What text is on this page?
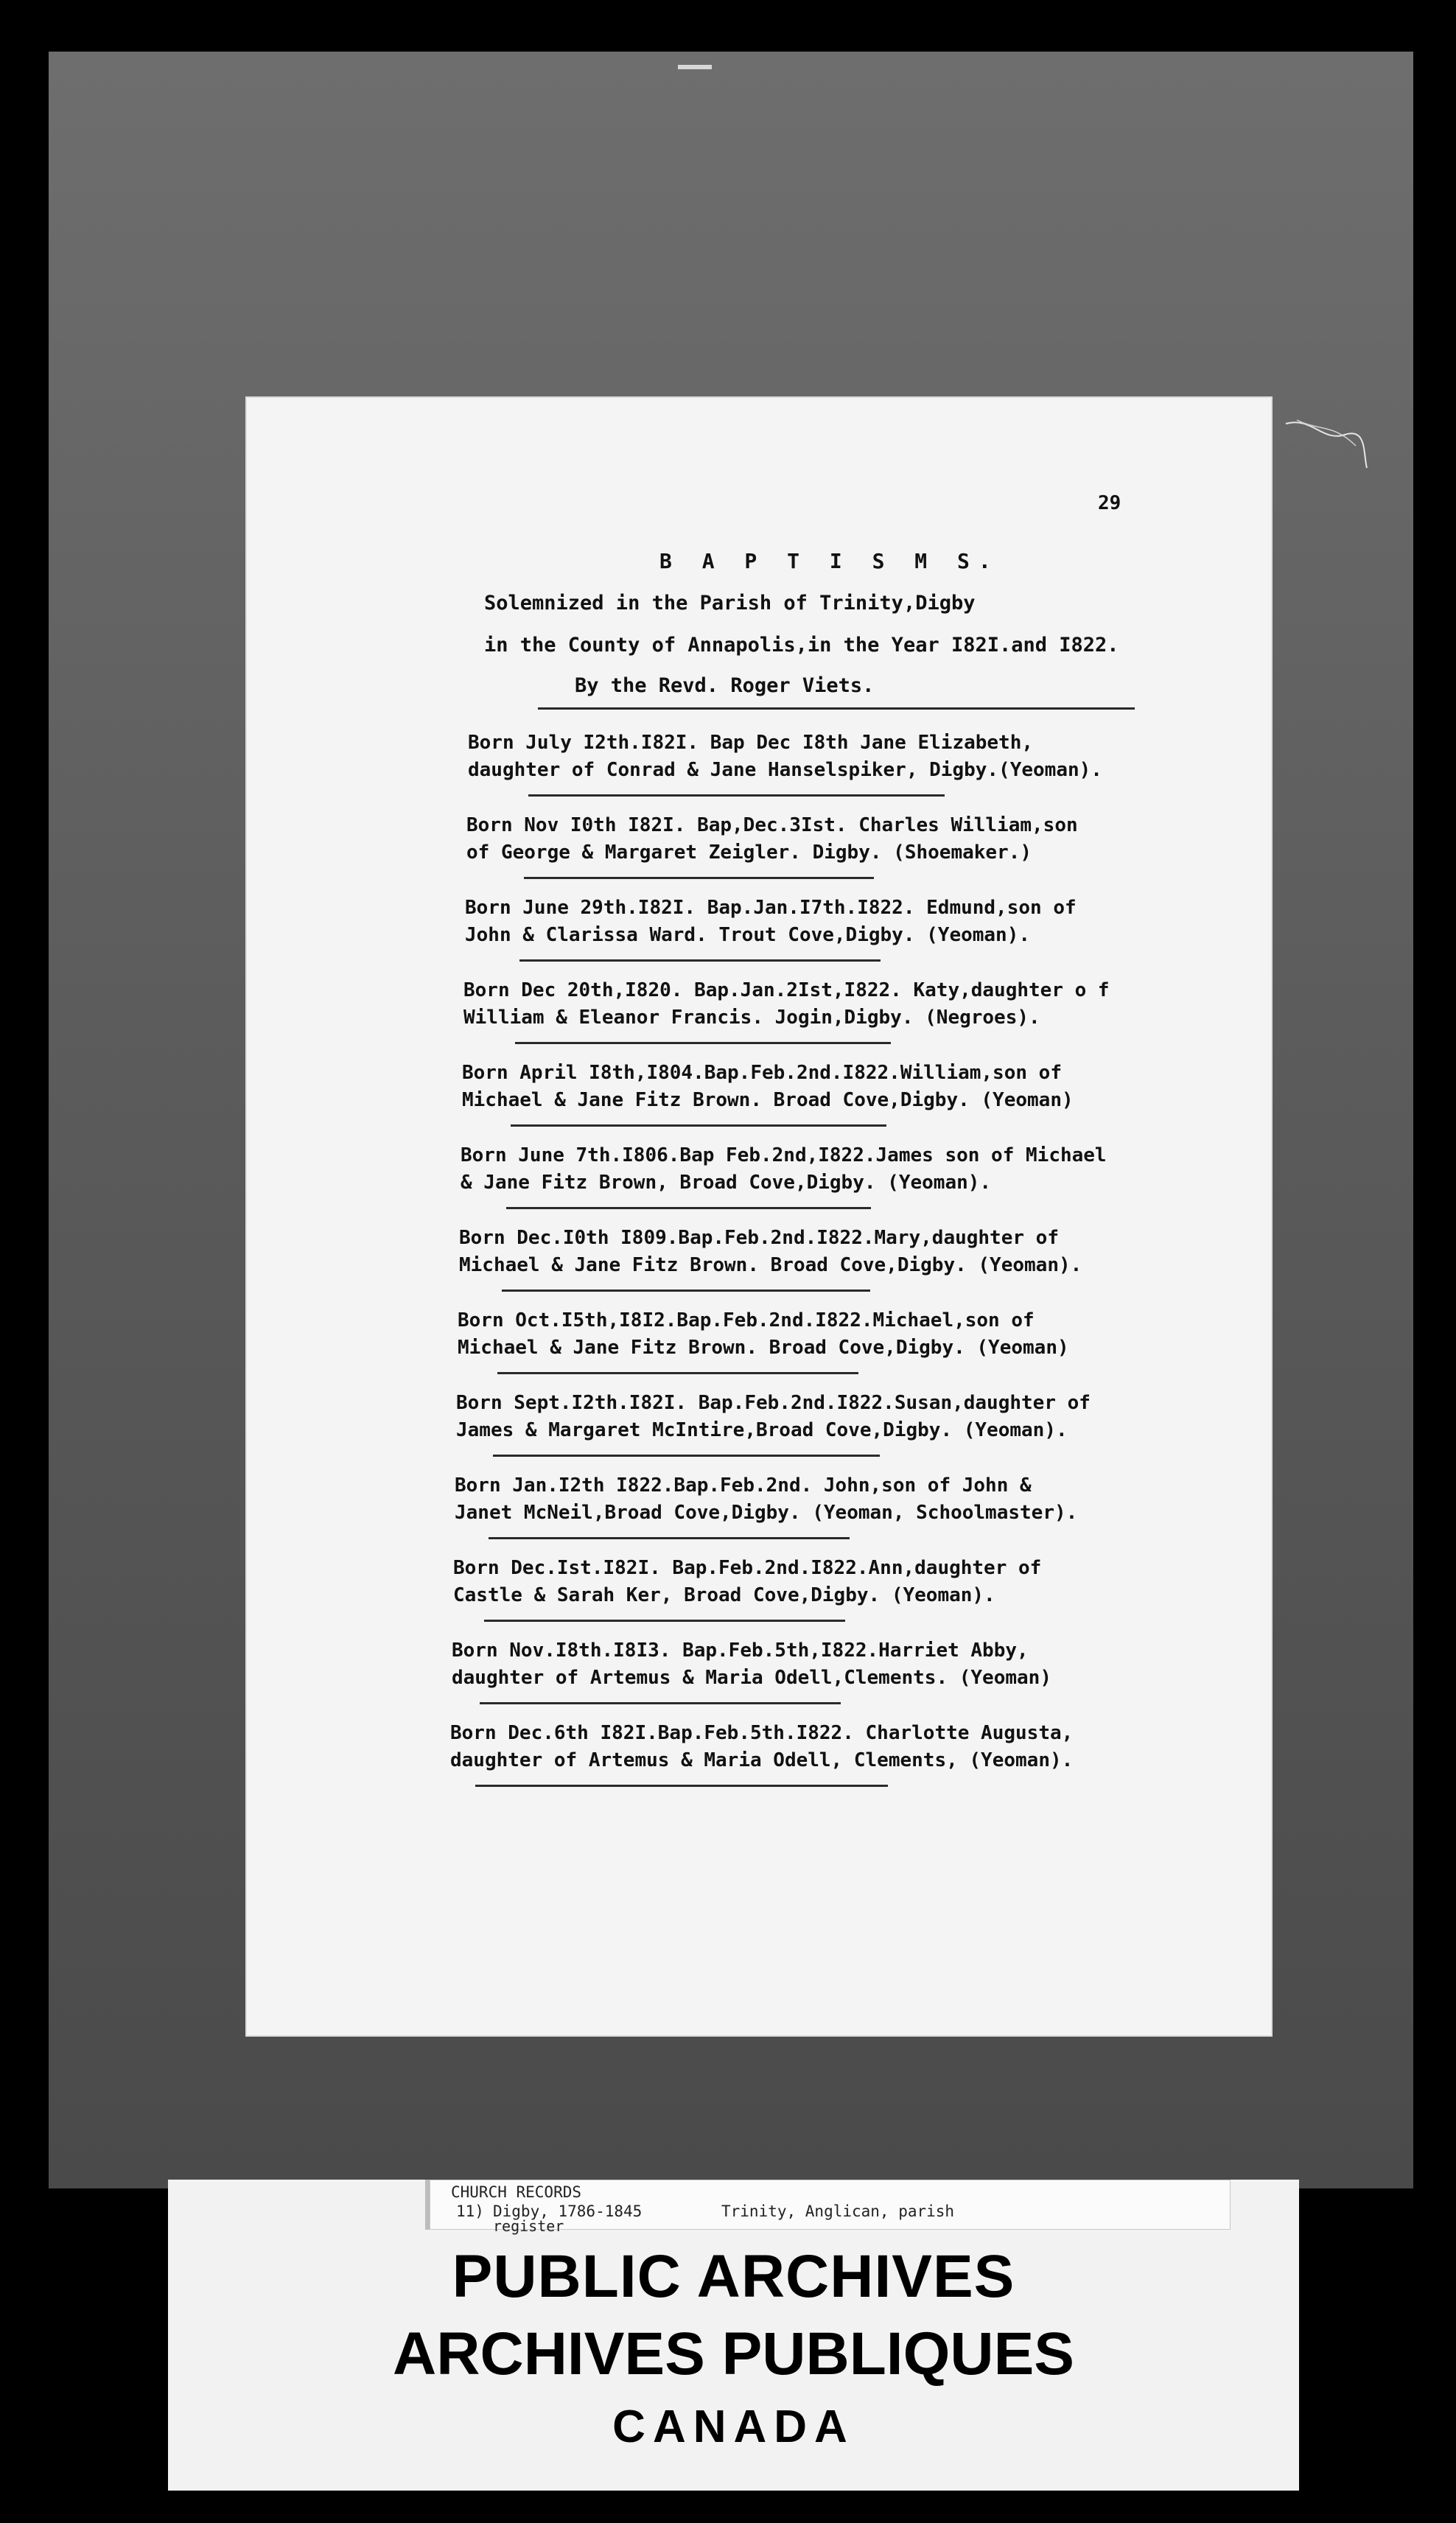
29
B A P T I S M S.
Solemnized in the Parish of Trinity,Digby
in the County of Annapolis,in the Year I82I.and I822.
By the Revd. Roger Viets.
Born July I2th.I82I. Bap Dec I8th Jane Elizabeth,
daughter of Conrad & Jane Hanselspiker, Digby.(Yeoman).
Born Nov I0th I82I. Bap,Dec.3Ist. Charles William,son
of George & Margaret Zeigler. Digby. (Shoemaker.)
Born June 29th.I82I. Bap.Jan.I7th.I822. Edmund,son of
John & Clarissa Ward. Trout Cove,Digby. (Yeoman).
Born Dec 20th,I820. Bap.Jan.2Ist,I822. Katy,daughter o f
William & Eleanor Francis. Jogin,Digby. (Negroes).
Born April I8th,I804.Bap.Feb.2nd.I822.William,son of
Michael & Jane Fitz Brown. Broad Cove,Digby. (Yeoman)
Born June 7th.I806.Bap Feb.2nd,I822.James son of Michael
& Jane Fitz Brown, Broad Cove,Digby. (Yeoman).
Born Dec.I0th I809.Bap.Feb.2nd.I822.Mary,daughter of
Michael & Jane Fitz Brown. Broad Cove,Digby. (Yeoman).
Born Oct.I5th,I8I2.Bap.Feb.2nd.I822.Michael,son of
Michael & Jane Fitz Brown. Broad Cove,Digby. (Yeoman)
Born Sept.I2th.I82I. Bap.Feb.2nd.I822.Susan,daughter of
James & Margaret McIntire,Broad Cove,Digby. (Yeoman).
Born Jan.I2th I822.Bap.Feb.2nd. John,son of John &
Janet McNeil,Broad Cove,Digby. (Yeoman, Schoolmaster).
Born Dec.Ist.I82I. Bap.Feb.2nd.I822.Ann,daughter of
Castle & Sarah Ker, Broad Cove,Digby. (Yeoman).
Born Nov.I8th.I8I3. Bap.Feb.5th,I822.Harriet Abby,
daughter of Artemus & Maria Odell,Clements. (Yeoman)
Born Dec.6th I82I.Bap.Feb.5th.I822. Charlotte Augusta,
daughter of Artemus & Maria Odell, Clements, (Yeoman).
CHURCH RECORDS
11) Digby, 1786-1845	Trinity, Anglican, parish
register
PUBLIC ARCHIVES
ARCHIVES PUBLIQUES
CANADA
